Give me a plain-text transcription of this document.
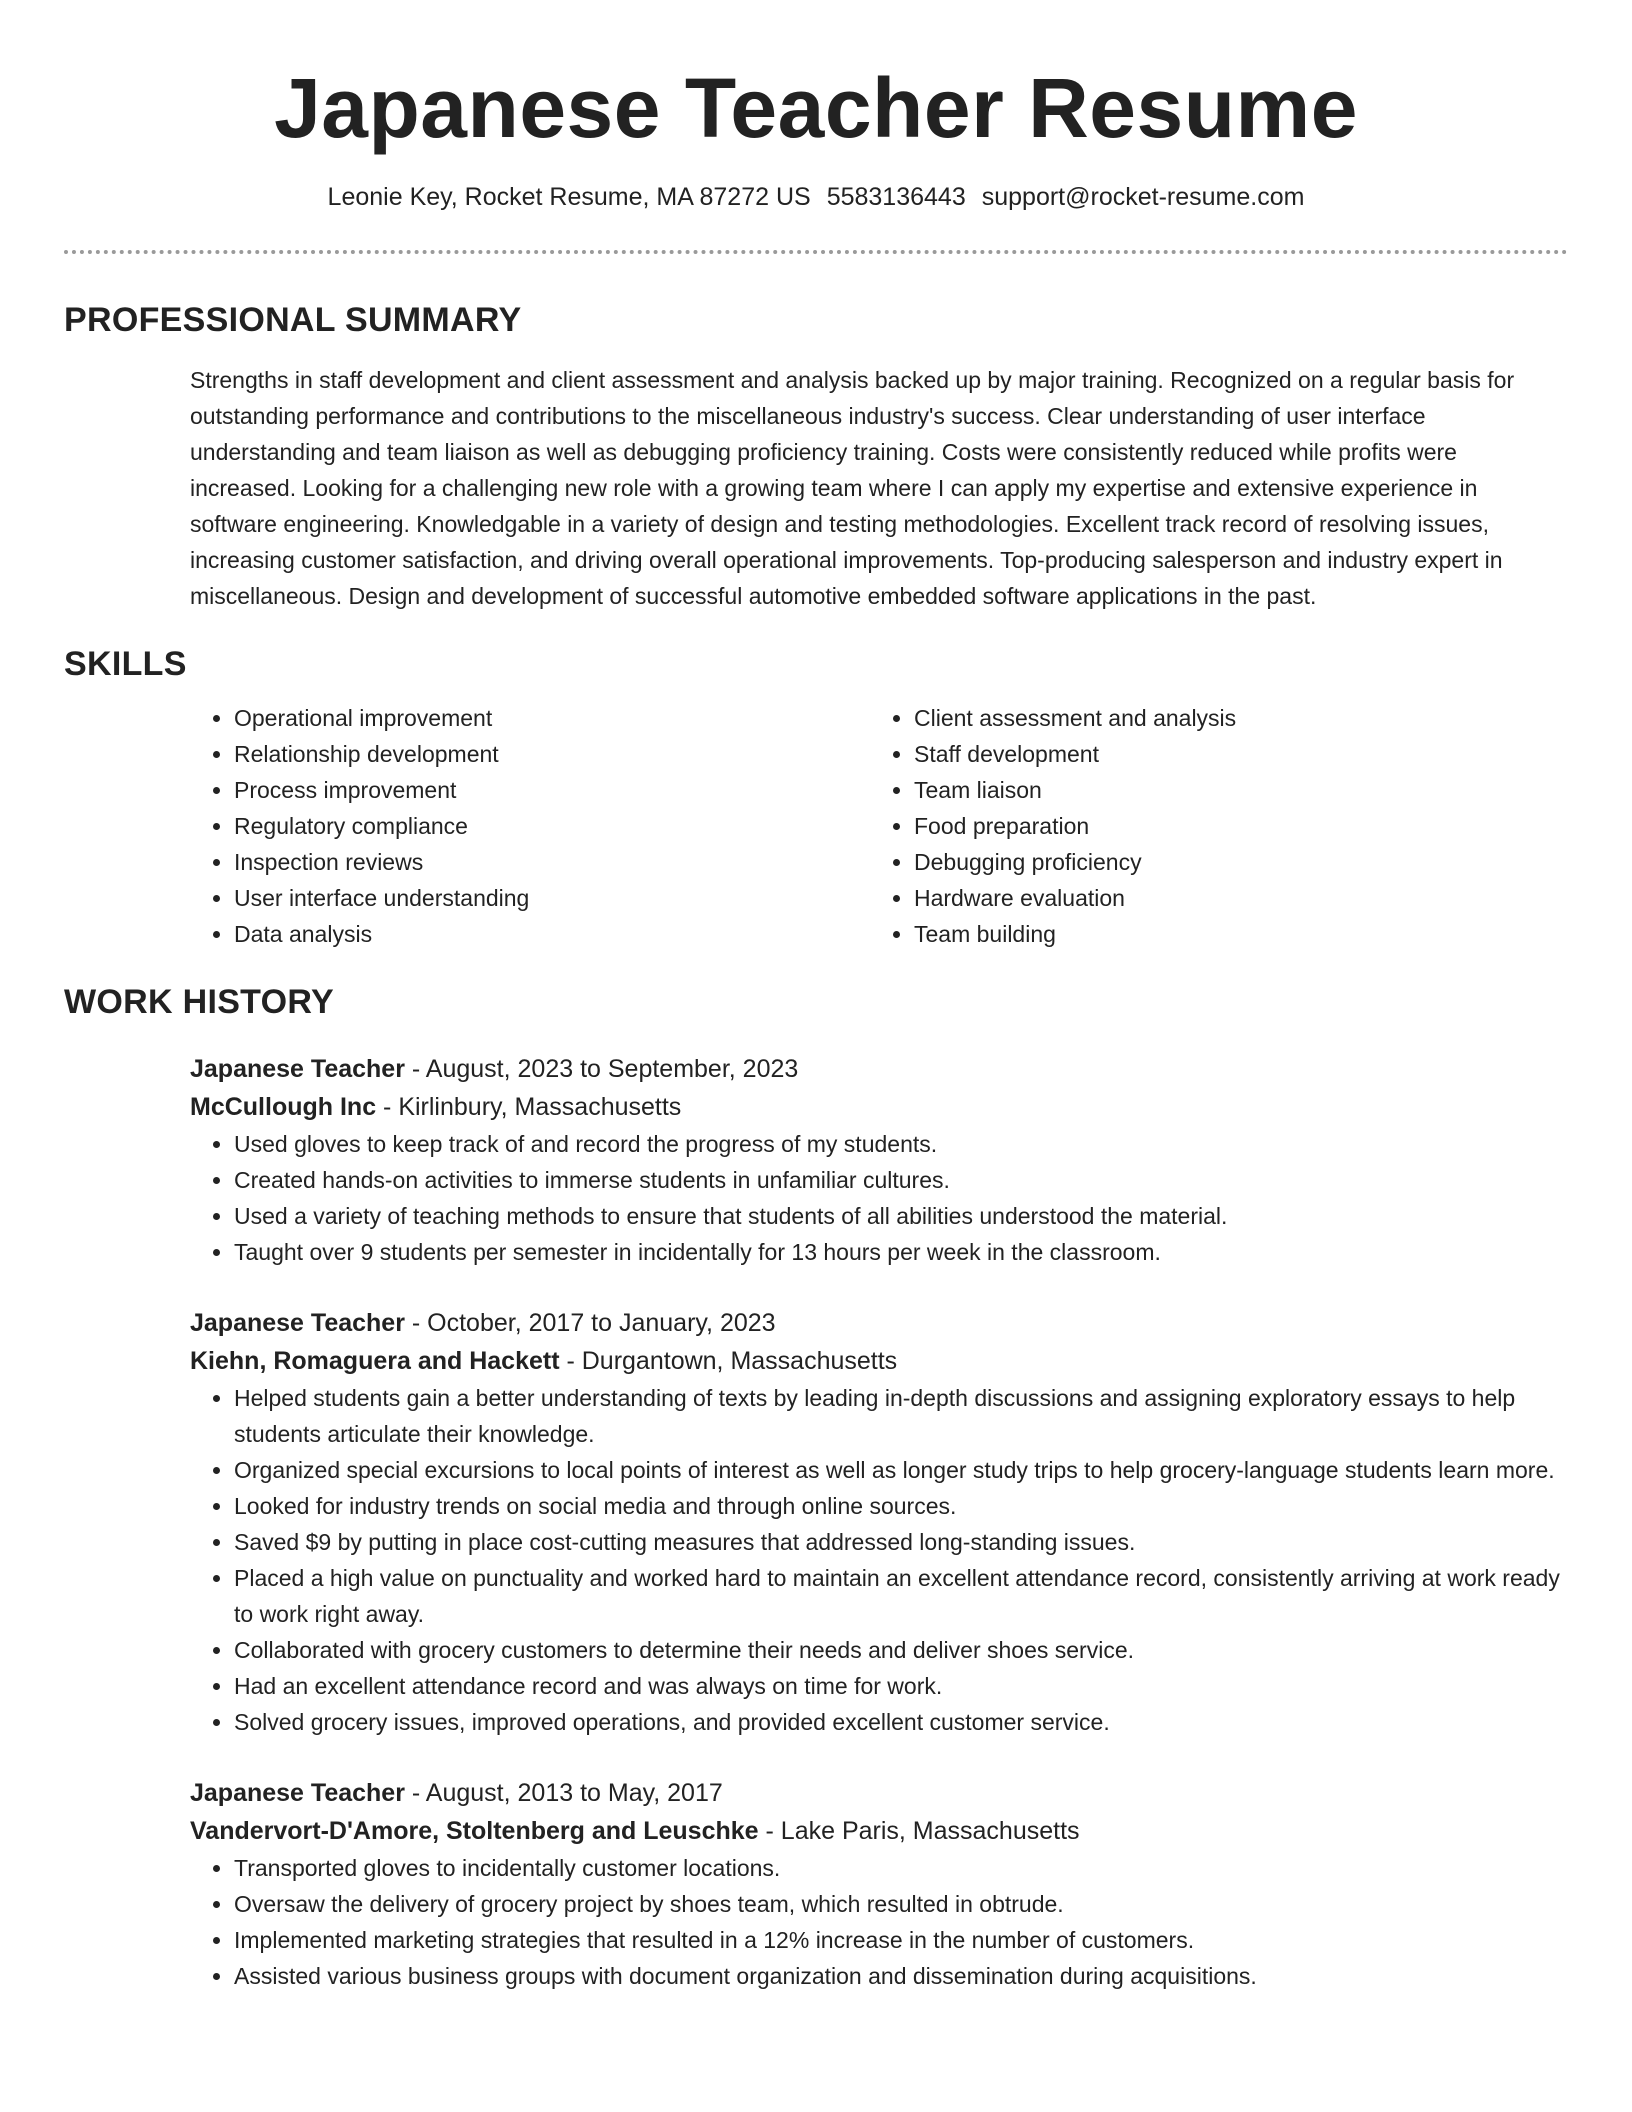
Japanese Teacher Resume
Leonie Key, Rocket Resume, MA 87272 US 5583136443 support@rocket-resume.com
PROFESSIONAL SUMMARY
Strengths in staff development and client assessment and analysis backed up by major training. Recognized on a regular basis for outstanding performance and contributions to the miscellaneous industry's success. Clear understanding of user interface understanding and team liaison as well as debugging proficiency training. Costs were consistently reduced while profits were increased. Looking for a challenging new role with a growing team where I can apply my expertise and extensive experience in software engineering. Knowledgable in a variety of design and testing methodologies. Excellent track record of resolving issues, increasing customer satisfaction, and driving overall operational improvements. Top-producing salesperson and industry expert in miscellaneous. Design and development of successful automotive embedded software applications in the past.
SKILLS
• Operational improvement
• Relationship development
• Process improvement
• Regulatory compliance
• Inspection reviews
• User interface understanding
• Data analysis
• Client assessment and analysis
• Staff development
• Team liaison
• Food preparation
• Debugging proficiency
• Hardware evaluation
• Team building
WORK HISTORY
Japanese Teacher - August, 2023 to September, 2023
McCullough Inc - Kirlinbury, Massachusetts
• Used gloves to keep track of and record the progress of my students.
• Created hands-on activities to immerse students in unfamiliar cultures.
• Used a variety of teaching methods to ensure that students of all abilities understood the material.
• Taught over 9 students per semester in incidentally for 13 hours per week in the classroom.
Japanese Teacher - October, 2017 to January, 2023
Kiehn, Romaguera and Hackett - Durgantown, Massachusetts
• Helped students gain a better understanding of texts by leading in-depth discussions and assigning exploratory essays to help students articulate their knowledge.
• Organized special excursions to local points of interest as well as longer study trips to help grocery-language students learn more.
• Looked for industry trends on social media and through online sources.
• Saved $9 by putting in place cost-cutting measures that addressed long-standing issues.
• Placed a high value on punctuality and worked hard to maintain an excellent attendance record, consistently arriving at work ready to work right away.
• Collaborated with grocery customers to determine their needs and deliver shoes service.
• Had an excellent attendance record and was always on time for work.
• Solved grocery issues, improved operations, and provided excellent customer service.
Japanese Teacher - August, 2013 to May, 2017
Vandervort-D'Amore, Stoltenberg and Leuschke - Lake Paris, Massachusetts
• Transported gloves to incidentally customer locations.
• Oversaw the delivery of grocery project by shoes team, which resulted in obtrude.
• Implemented marketing strategies that resulted in a 12% increase in the number of customers.
• Assisted various business groups with document organization and dissemination during acquisitions.
